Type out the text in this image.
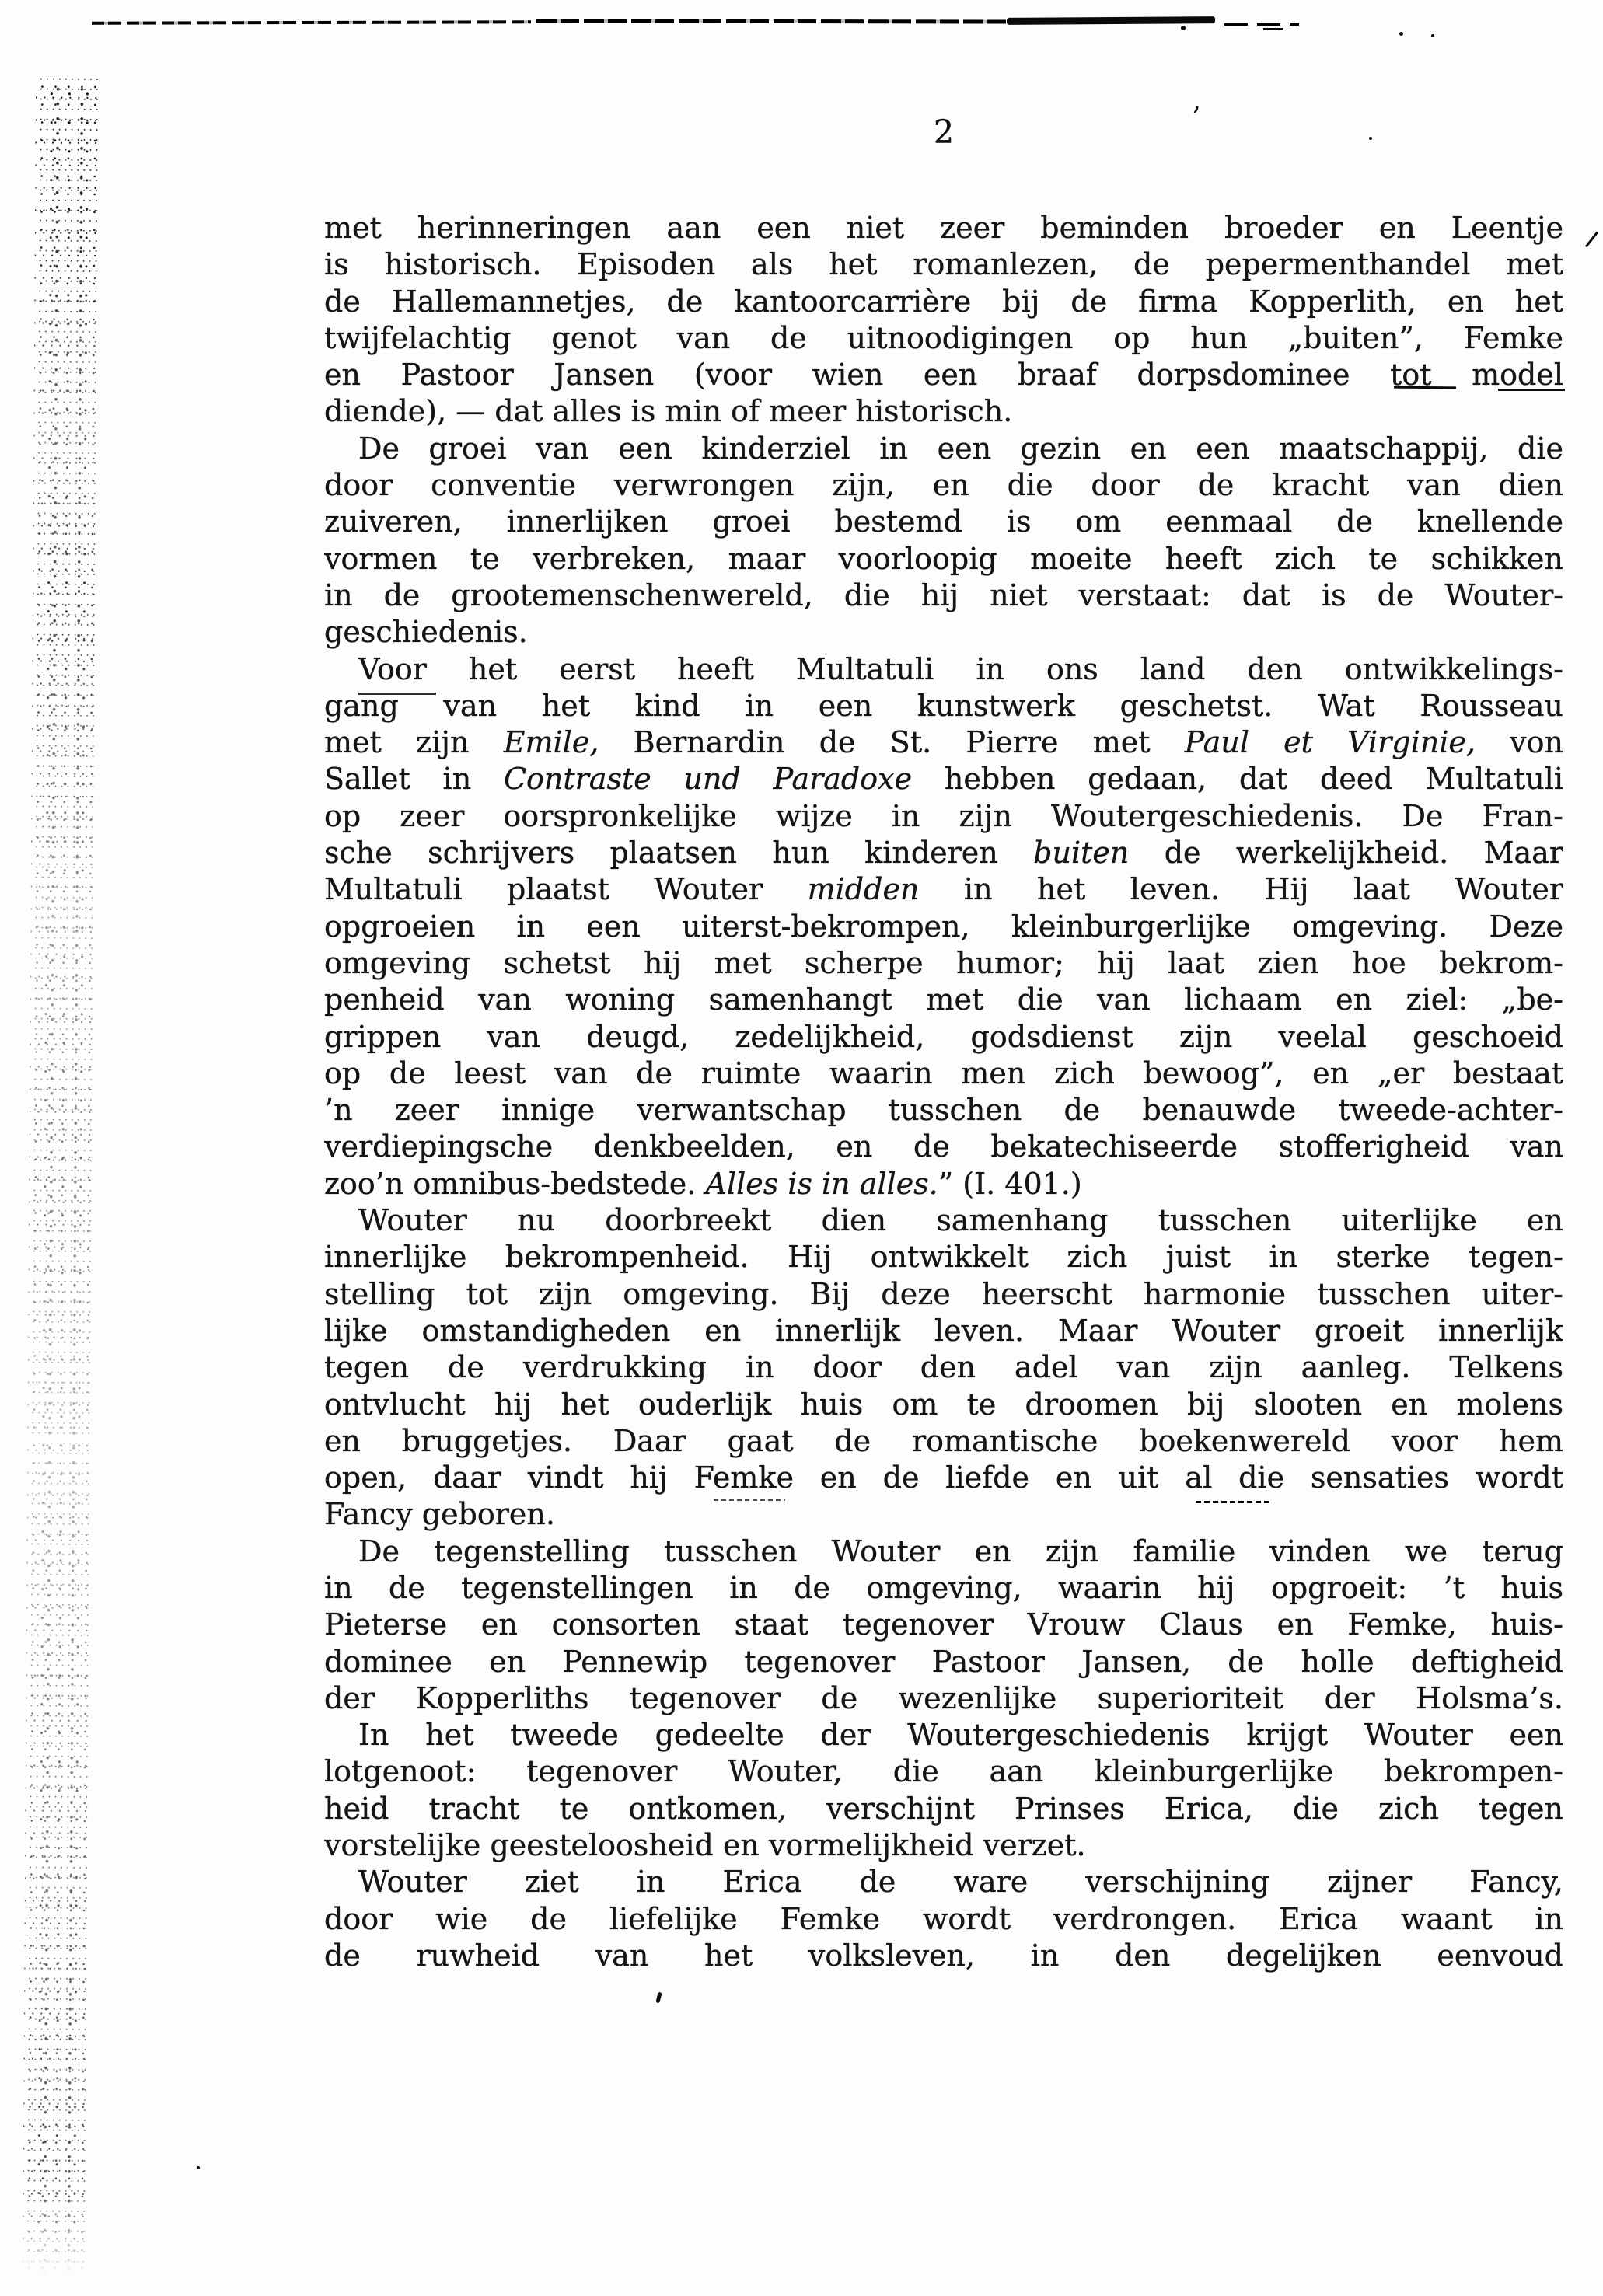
’
2
met herinneringen aan een niet zeer beminden broeder en Leentje
is historisch. Episoden als het romanlezen, de pepermenthandel met
de Hallemannetjes, de kantoorcarrière bij de firma Kopperlith, en het
twijfelachtig genot van de uitnoodigingen op hun „buiten”, Femke
en Pastoor Jansen (voor wien een braaf dorpsdominee tot model
diende), — dat alles is min of meer historisch.
De groei van een kinderziel in een gezin en een maatschappij, die
door conventie verwrongen zijn, en die door de kracht van dien
zuiveren, innerlijken groei bestemd is om eenmaal de knellende
vormen te verbreken, maar voorloopig moeite heeft zich te schikken
in de grootemenschenwereld, die hij niet verstaat: dat is de Wouter-
geschiedenis.
Voor het eerst heeft Multatuli in ons land den ontwikkelings-
gang van het kind in een kunstwerk geschetst. Wat Rousseau
met zijn Emile, Bernardin de St. Pierre met Paul et Virginie, von
Sallet in Contraste und Paradoxe hebben gedaan, dat deed Multatuli
op zeer oorspronkelijke wijze in zijn Woutergeschiedenis. De Fran-
sche schrijvers plaatsen hun kinderen buiten de werkelijkheid. Maar
Multatuli plaatst Wouter midden in het leven. Hij laat Wouter
opgroeien in een uiterst-bekrompen, kleinburgerlijke omgeving. Deze
omgeving schetst hij met scherpe humor; hij laat zien hoe bekrom-
penheid van woning samenhangt met die van lichaam en ziel: „be-
grippen van deugd, zedelijkheid, godsdienst zijn veelal geschoeid
op de leest van de ruimte waarin men zich bewoog”, en „er bestaat
’n zeer innige verwantschap tusschen de benauwde tweede-achter-
verdiepingsche denkbeelden, en de bekatechiseerde stofferigheid van
zoo’n omnibus-bedstede. Alles is in alles.” (I. 401.)
Wouter nu doorbreekt dien samenhang tusschen uiterlijke en
innerlijke bekrompenheid. Hij ontwikkelt zich juist in sterke tegen-
stelling tot zijn omgeving. Bij deze heerscht harmonie tusschen uiter-
lijke omstandigheden en innerlijk leven. Maar Wouter groeit innerlijk
tegen de verdrukking in door den adel van zijn aanleg. Telkens
ontvlucht hij het ouderlijk huis om te droomen bij slooten en molens
en bruggetjes. Daar gaat de romantische boekenwereld voor hem
open, daar vindt hij Femke en de liefde en uit al die sensaties wordt
Fancy geboren.
De tegenstelling tusschen Wouter en zijn familie vinden we terug
in de tegenstellingen in de omgeving, waarin hij opgroeit: ’t huis
Pieterse en consorten staat tegenover Vrouw Claus en Femke, huis-
dominee en Pennewip tegenover Pastoor Jansen, de holle deftigheid
der Kopperliths tegenover de wezenlijke superioriteit der Holsma’s.
In het tweede gedeelte der Woutergeschiedenis krijgt Wouter een
lotgenoot: tegenover Wouter, die aan kleinburgerlijke bekrompen-
heid tracht te ontkomen, verschijnt Prinses Erica, die zich tegen
vorstelijke geesteloosheid en vormelijkheid verzet.
Wouter ziet in Erica de ware verschijning zijner Fancy,
door wie de liefelijke Femke wordt verdrongen. Erica waant in
de ruwheid van het volksleven, in den degelijken eenvoud
